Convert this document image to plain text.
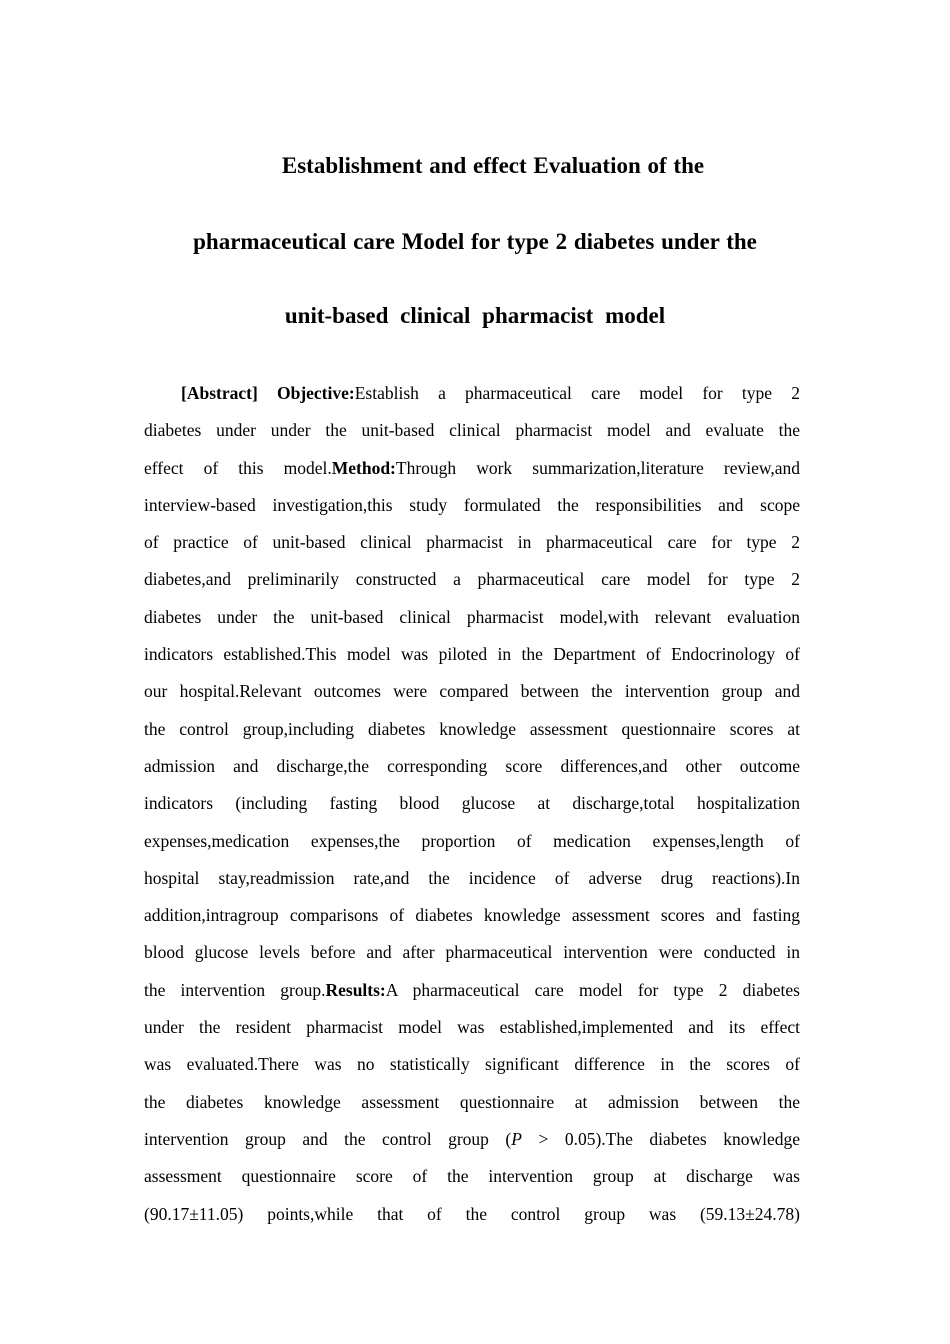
Establishment and effect Evaluation of the
pharmaceutical care Model for type 2 diabetes under the
unit-based clinical pharmacist model
[Abstract] Objective:Establish a pharmaceutical care model for type 2
diabetes under under the unit-based clinical pharmacist model and evaluate the
effect of this model.Method:Through work summarization,literature review,and
interview-based investigation,this study formulated the responsibilities and scope
of practice of unit-based clinical pharmacist in pharmaceutical care for type 2
diabetes,and preliminarily constructed a pharmaceutical care model for type 2
diabetes under the unit-based clinical pharmacist model,with relevant evaluation
indicators established.This model was piloted in the Department of Endocrinology of
our hospital.Relevant outcomes were compared between the intervention group and
the control group,including diabetes knowledge assessment questionnaire scores at
admission and discharge,the corresponding score differences,and other outcome
indicators (including fasting blood glucose at discharge,total hospitalization
expenses,medication expenses,the proportion of medication expenses,length of
hospital stay,readmission rate,and the incidence of adverse drug reactions).In
addition,intragroup comparisons of diabetes knowledge assessment scores and fasting
blood glucose levels before and after pharmaceutical intervention were conducted in
the intervention group.Results:A pharmaceutical care model for type 2 diabetes
under the resident pharmacist model was established,implemented and its effect
was evaluated.There was no statistically significant difference in the scores of
the diabetes knowledge assessment questionnaire at admission between the
intervention group and the control group (P > 0.05).The diabetes knowledge
assessment questionnaire score of the intervention group at discharge was
(90.17±11.05) points,while that of the control group was (59.13±24.78)
